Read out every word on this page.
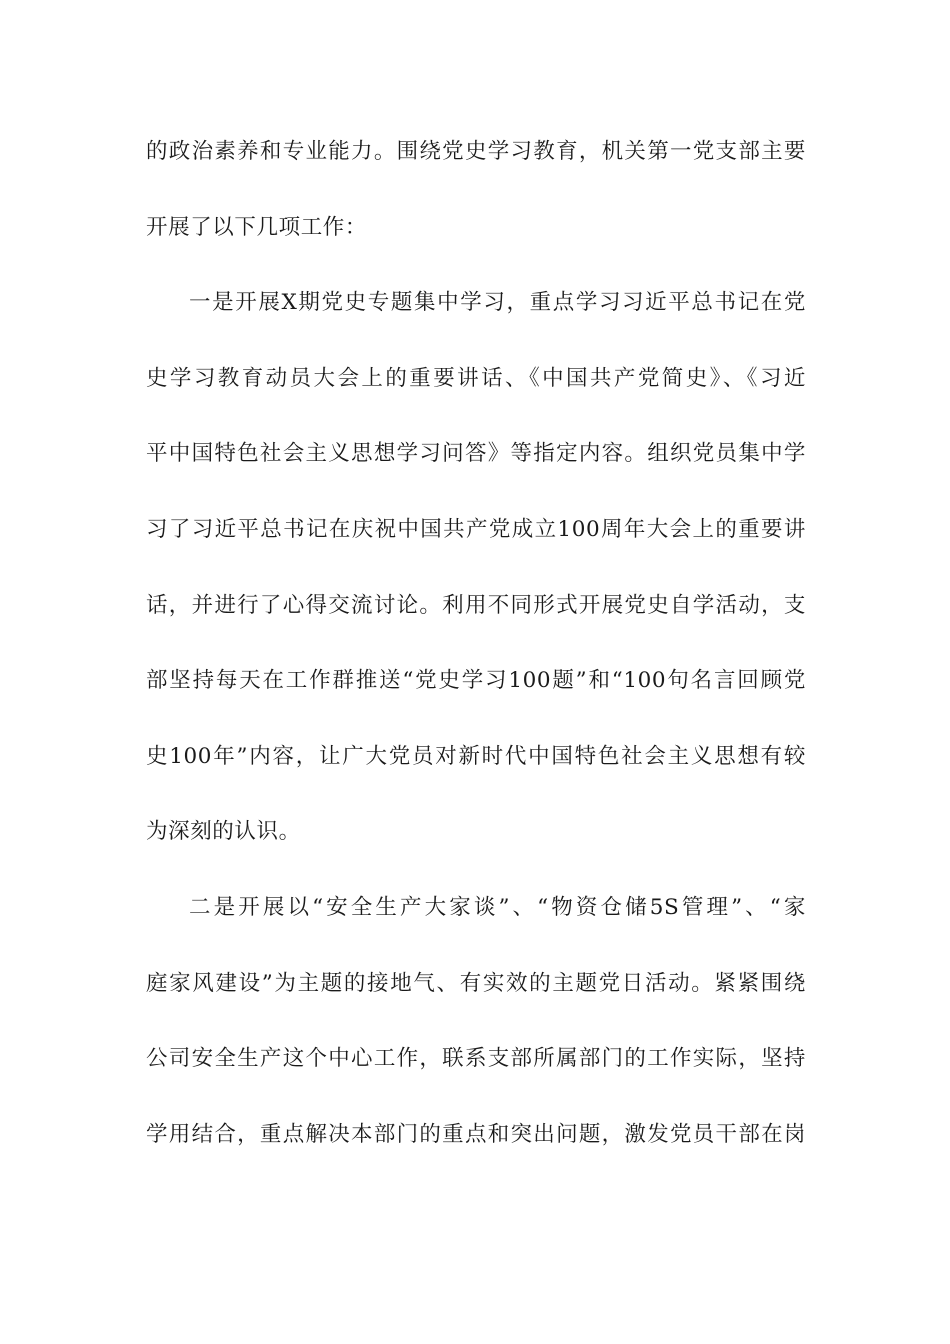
的政治素养和专业能力。围绕党史学习教育，机关第一党支部主要
开展了以下几项工作：
一是开展X期党史专题集中学习，重点学习习近平总书记在党
史学习教育动员大会上的重要讲话、《中国共产党简史》、《习近
平中国特色社会主义思想学习问答》等指定内容。组织党员集中学
习了习近平总书记在庆祝中国共产党成立100周年大会上的重要讲
话，并进行了心得交流讨论。利用不同形式开展党史自学活动，支
部坚持每天在工作群推送“党史学习100题”和“100句名言回顾党
史100年”内容，让广大党员对新时代中国特色社会主义思想有较
为深刻的认识。
二是开展以“安全生产大家谈”、“物资仓储5S管理”、“家
庭家风建设”为主题的接地气、有实效的主题党日活动。紧紧围绕
公司安全生产这个中心工作，联系支部所属部门的工作实际，坚持
学用结合，重点解决本部门的重点和突出问题，激发党员干部在岗
